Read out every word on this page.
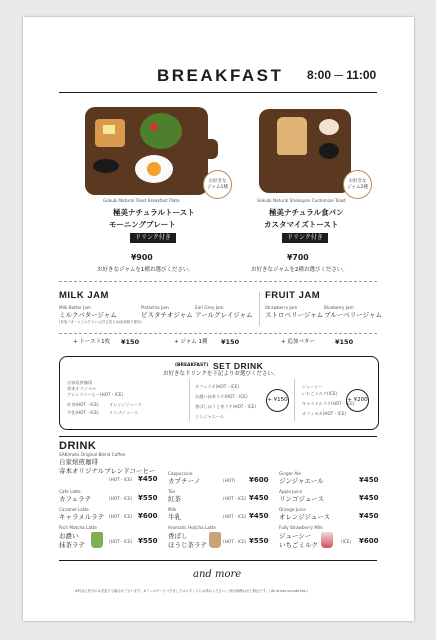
BREAKFAST 8:00 ─ 11:00
お好きな
ジャム1種
お好きな
ジャム2種
Gokubi Natural Toast Breakfast Plate
極美ナチュラルトースト
モーニングプレート
ドリンク付き
¥900
お好きなジャムを1種お選びください。
Gokubi Natural Shokupan Customize Toast
極美ナチュラル食パン
カスタマイズトースト
ドリンク付き
¥700
お好きなジャムを2種お選びください。
MILK JAM	FRUIT JAM
Milk Butter Jam
ミルクバタージャム
(有塩バター入ミルクジャム/甘さ控えめ/添加物不使用)
Pistachio Jam
ピスタチオジャム
Earl Grey Jam
アールグレイジャム
Strawberry Jam
ストロベリージャム
Blueberry Jam
ブルーベリージャム
+ トースト1枚 ¥150	+ ジャム 1種 ¥150	+ 追加バター	¥150
(BREAKFAST) SET DRINK
お好きなドリンクを下記よりお選びください。
自家焙煎珈琲
寄本オリジナル
ブレンドコーヒー(HOT・ICE)
紅茶(HOT・ICE)
牛乳(HOT・ICE)
オレンジジュース
リンゴジュース
カフェラテ(HOT・ICE)
お濃い抹茶ラテ(HOT・ICE)
香ばしほうじ茶ラテ(HOT・ICE)
ジンジャエール
+ ¥150
ジューシー
いちごミルク(ICE)
キャラメルラテ(HOT・ICE)
カフェモカ(HOT・ICE)
+ ¥200
DRINK
SAKImoto Original Blend Coffee
自家焙煎珈琲
寄本オリジナルブレンドコーヒー
(HOT・ICE) ¥450
Cafe Latte
カフェラテ	(HOT・ICE) ¥550
Caramel Latte
キャラメルラテ (HOT・ICE) ¥600
Rich Matcha Latte
お濃い
抹茶ラテ	(HOT・ICE) ¥550
Cappuccino
カプチーノ	(HOT) ¥600
Tea
紅茶	(HOT・ICE) ¥450
Milk
牛乳	(HOT・ICE) ¥450
Aromatic Hojicha Latte
香ばし
ほうじ茶ラテ	(HOT・ICE) ¥550
Ginger Ale
ジンジャエール	¥450
Apple Juice
リンゴジュース	¥450
Orange Juice
オレンジジュース	¥450
Fully Strawberry Milk
ジューシー
いちごミルク	(ICE) ¥600
and more
※料金に該当のは変更する場合がございます。※アレルギーにつきましてはスタッフにお尋ねください。(表示価格は全て税込です。/ All prices include tax.)
